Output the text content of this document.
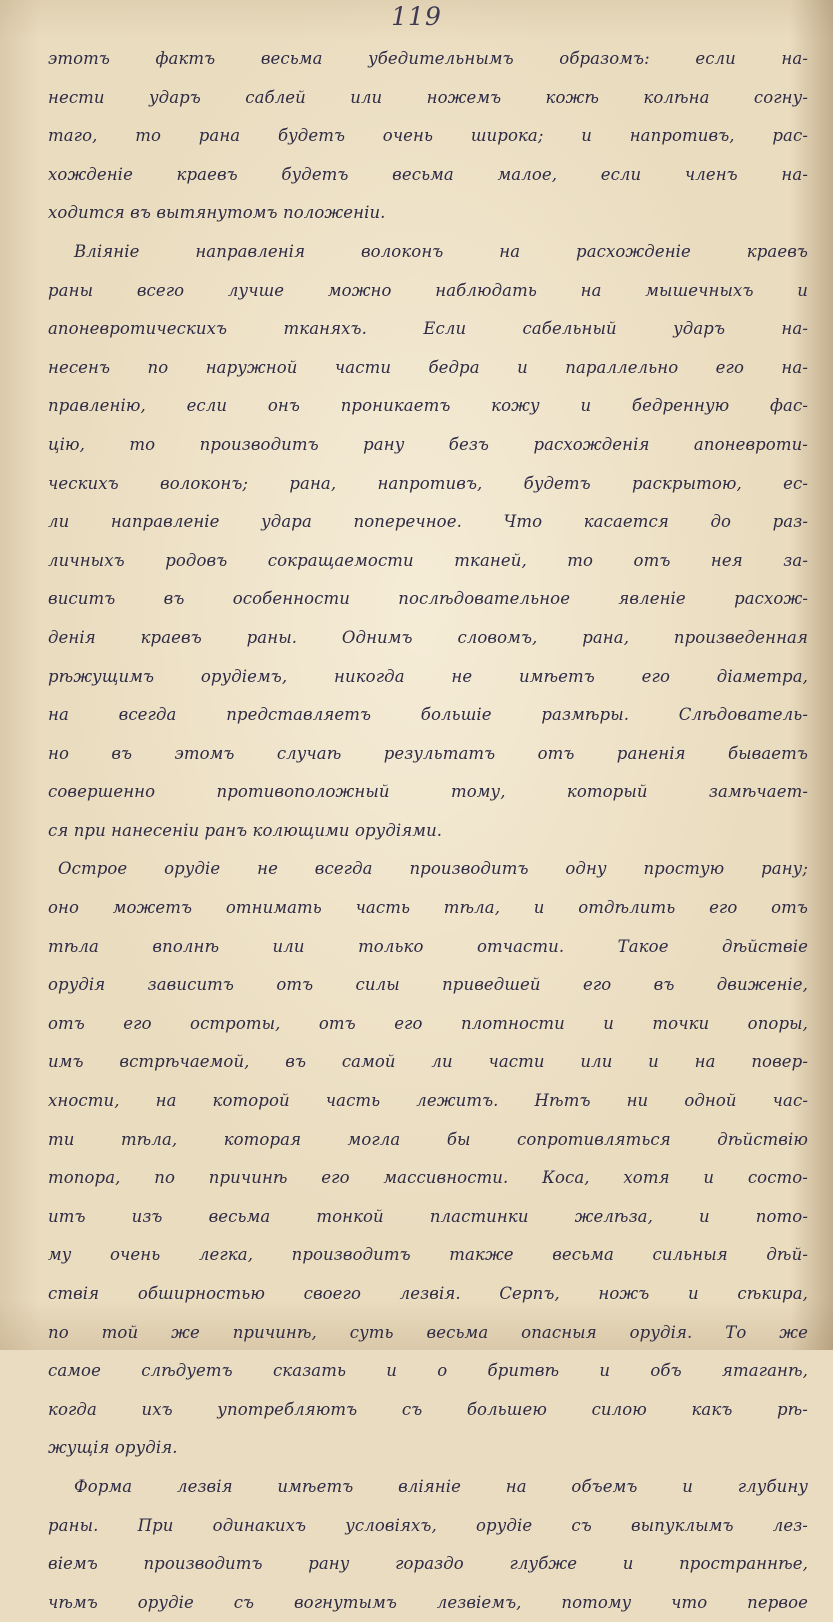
119
этотъ фактъ весьма убедительнымъ образомъ: если на-
нести ударъ саблей или ножемъ кожѣ колѣна согну-
таго, то рана будетъ очень широка; и напротивъ, рас-
хожденіе краевъ будетъ весьма малое, если членъ на-
ходится въ вытянутомъ положеніи.
Вліяніе направленія волоконъ на расхожденіе краевъ
раны всего лучше можно наблюдать на мышечныхъ и
апоневротическихъ тканяхъ. Если сабельный ударъ на-
несенъ по наружной части бедра и параллельно его на-
правленію, если онъ проникаетъ кожу и бедренную фас-
цію, то производитъ рану безъ расхожденія апоневроти-
ческихъ волоконъ; рана, напротивъ, будетъ раскрытою, ес-
ли направленіе удара поперечное. Что касается до раз-
личныхъ родовъ сокращаемости тканей, то отъ нея за-
виситъ въ особенности послѣдовательное явленіе расхож-
денія краевъ раны. Однимъ словомъ, рана, произведенная
рѣжущимъ орудіемъ, никогда не имѣетъ его діаметра,
на всегда представляетъ большіе размѣры. Слѣдователь-
но въ этомъ случаѣ результатъ отъ раненія бываетъ
совершенно противоположный тому, который замѣчает-
ся при нанесеніи ранъ колющими орудіями.
Острое орудіе не всегда производитъ одну простую рану;
оно можетъ отнимать часть тѣла, и отдѣлить его отъ
тѣла вполнѣ или только отчасти. Такое дѣйствіе
орудія зависитъ отъ силы приведшей его въ движеніе,
отъ его остроты, отъ его плотности и точки опоры,
имъ встрѣчаемой, въ самой ли части или и на повер-
хности, на которой часть лежитъ. Нѣтъ ни одной час-
ти тѣла, которая могла бы сопротивляться дѣйствію
топора, по причинѣ его массивности. Коса, хотя и состо-
итъ изъ весьма тонкой пластинки желѣза, и пото-
му очень легка, производитъ также весьма сильныя дѣй-
ствія обширностью своего лезвія. Серпъ, ножъ и сѣкира,
по той же причинѣ, суть весьма опасныя орудія. То же
самое слѣдуетъ сказать и о бритвѣ и объ ятаганѣ,
когда ихъ употребляютъ съ большею силою какъ рѣ-
жущія орудія.
Форма лезвія имѣетъ вліяніе на объемъ и глубину
раны. При одинакихъ условіяхъ, орудіе съ выпуклымъ лез-
віемъ производитъ рану гораздо глубже и пространнѣе,
чѣмъ орудіе съ вогнутымъ лезвіемъ, потому что первое
